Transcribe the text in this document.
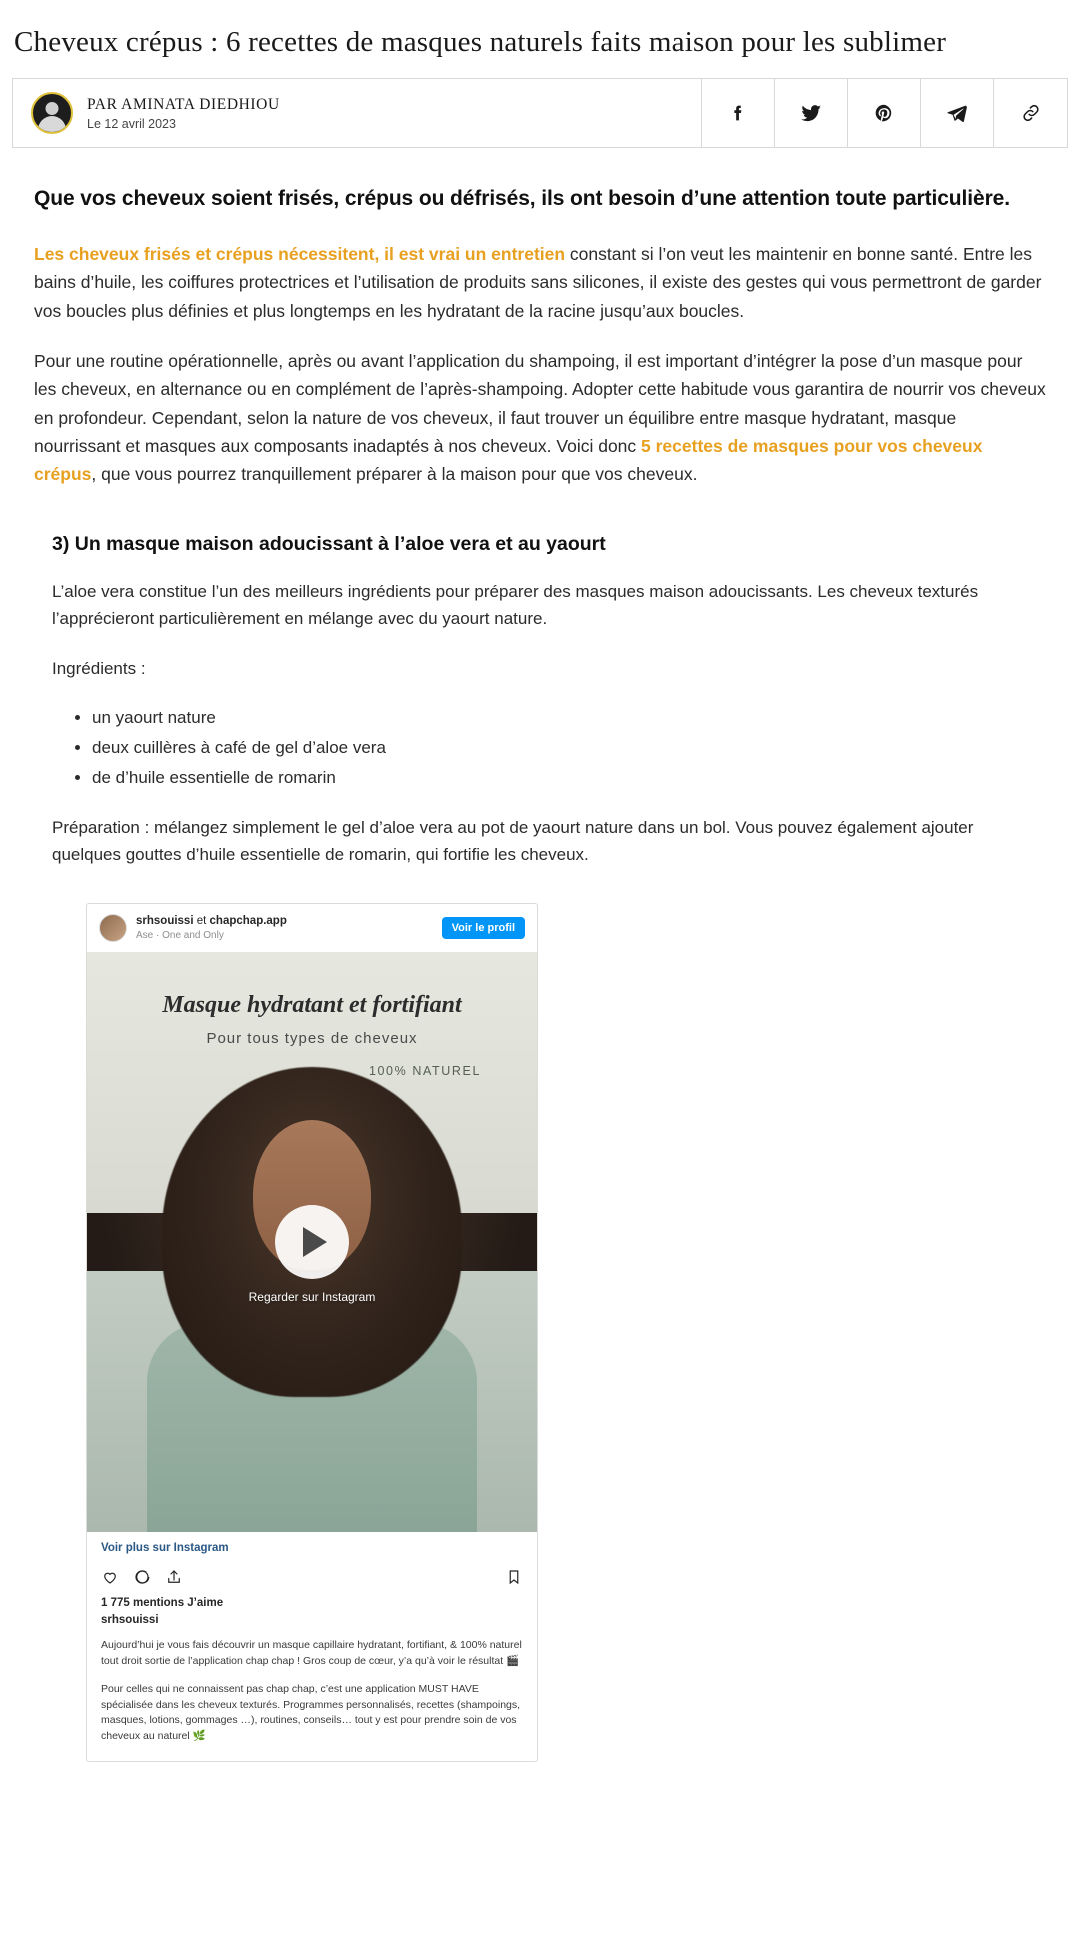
Cheveux crépus : 6 recettes de masques naturels faits maison pour les sublimer
PAR AMINATA DIEDHIOU
Le 12 avril 2023

Que vos cheveux soient frisés, crépus ou défrisés, ils ont besoin d’une attention toute particulière.

Les cheveux frisés et crépus nécessitent, il est vrai un entretien constant si l’on veut les maintenir en bonne santé. Entre les bains d’huile, les coiffures protectrices et l’utilisation de produits sans silicones, il existe des gestes qui vous permettront de garder vos boucles plus définies et plus longtemps en les hydratant de la racine jusqu’aux boucles.

Pour une routine opérationnelle, après ou avant l’application du shampoing, il est important d’intégrer la pose d’un masque pour les cheveux, en alternance ou en complément de l’après-shampoing. Adopter cette habitude vous garantira de nourrir vos cheveux en profondeur. Cependant, selon la nature de vos cheveux, il faut trouver un équilibre entre masque hydratant, masque nourrissant et masques aux composants inadaptés à nos cheveux. Voici donc 5 recettes de masques pour vos cheveux crépus, que vous pourrez tranquillement préparer à la maison pour que vos cheveux.

3) Un masque maison adoucissant à l’aloe vera et au yaourt

L’aloe vera constitue l’un des meilleurs ingrédients pour préparer des masques maison adoucissants. Les cheveux texturés l’apprécieront particulièrement en mélange avec du yaourt nature.

Ingrédients :

• un yaourt nature
• deux cuillères à café de gel d’aloe vera
• de d’huile essentielle de romarin

Préparation : mélangez simplement le gel d’aloe vera au pot de yaourt nature dans un bol. Vous pouvez également ajouter quelques gouttes d’huile essentielle de romarin, qui fortifie les cheveux.

srhsouissi et chapchap.app
Ase · One and Only
Voir le profil
Masque hydratant et fortifiant
Pour tous types de cheveux
100% NATUREL
Regarder sur Instagram
Voir plus sur Instagram
1 775 mentions J’aime
srhsouissi

Aujourd’hui je vous fais découvrir un masque capillaire hydratant, fortifiant, & 100% naturel tout droit sortie de l’application chap chap ! Gros coup de cœur, y’a qu’à voir le résultat 🎬

Pour celles qui ne connaissent pas chap chap, c’est une application MUST HAVE spécialisée dans les cheveux texturés. Programmes personnalisés, recettes (shampoings, masques, lotions, gommages …), routines, conseils… tout y est pour prendre soin de vos cheveux au naturel 🌿
